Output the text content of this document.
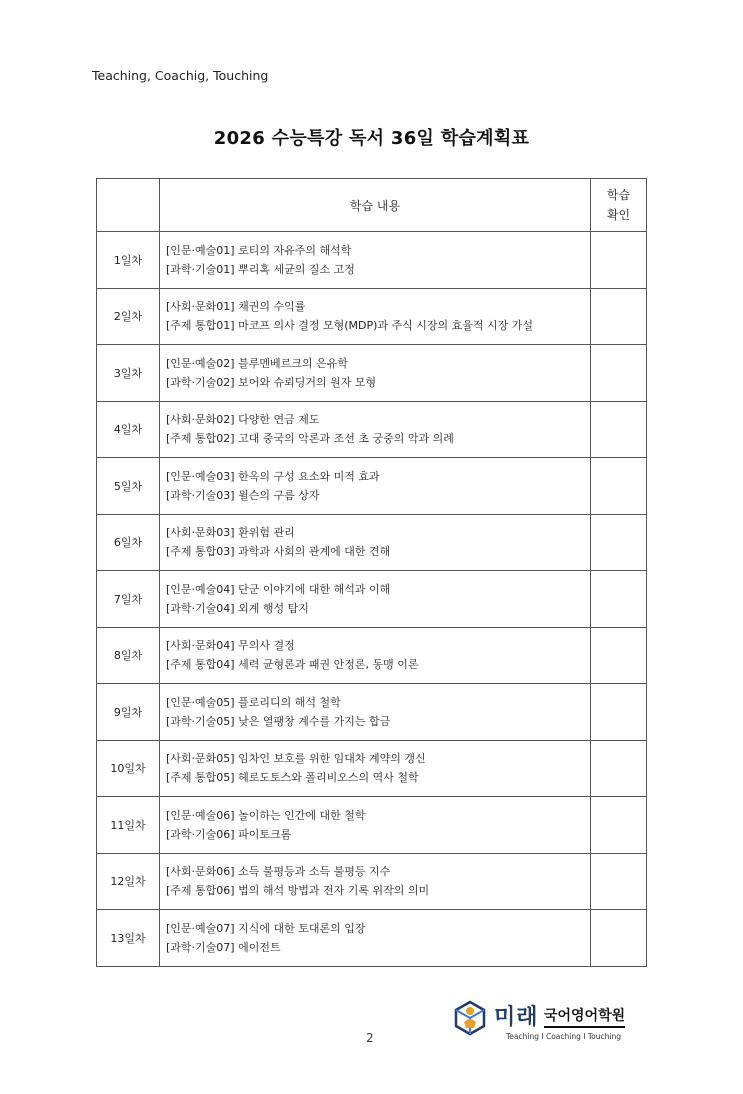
Teaching, Coachig, Touching
2026 수능특강 독서 36일 학습계획표
	학습 내용	학습
확인

1일차	[인문·예술01] 로티의 자유주의 해석학
[과학·기술01] 뿌리혹 세균의 질소 고정	

2일차	[사회·문화01] 채권의 수익률
[주제 통합01] 마코프 의사 결정 모형(MDP)과 주식 시장의 효율적 시장 가설	

3일차	[인문·예술02] 블루멘베르크의 은유학
[과학·기술02] 보어와 슈뢰딩거의 원자 모형	

4일차	[사회·문화02] 다양한 연금 제도
[주제 통합02] 고대 중국의 악론과 조선 초 궁중의 악과 의례	

5일차	[인문·예술03] 한옥의 구성 요소와 미적 효과
[과학·기술03] 윌슨의 구름 상자	

6일차	[사회·문화03] 환위험 관리
[주제 통합03] 과학과 사회의 관계에 대한 견해	

7일차	[인문·예술04] 단군 이야기에 대한 해석과 이해
[과학·기술04] 외계 행성 탐지	

8일차	[사회·문화04] 무의사 결정
[주제 통합04] 세력 균형론과 패권 안정론, 동맹 이론	

9일차	[인문·예술05] 플로리디의 해석 철학
[과학·기술05] 낮은 열팽창 계수를 가지는 합금	

10일차	[사회·문화05] 임차인 보호를 위한 임대차 계약의 갱신
[주제 통합05] 헤로도토스와 폴리비오스의 역사 철학	

11일차	[인문·예술06] 놀이하는 인간에 대한 철학
[과학·기술06] 파이토크롬	

12일차	[사회·문화06] 소득 불평등과 소득 불평등 지수
[주제 통합06] 법의 해석 방법과 전자 기록 위작의 의미	

13일차	[인문·예술07] 지식에 대한 토대론의 입장
[과학·기술07] 에이전트	

2
미래 국어영어학원
Teaching I Coaching I Touching
